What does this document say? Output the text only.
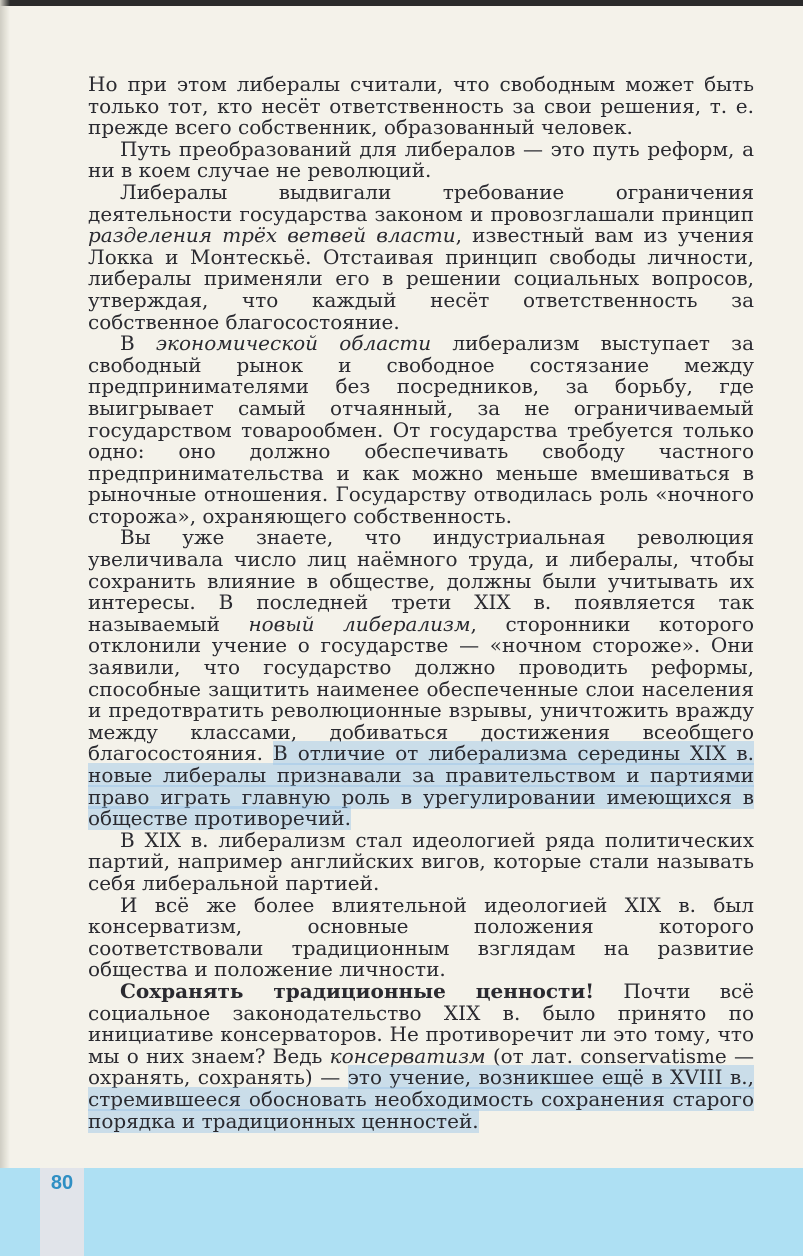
Но при этом либералы считали, что свободным может быть только тот, кто несёт ответственность за свои решения, т. е. прежде всего собственник, образованный человек.

Путь преобразований для либералов — это путь реформ, а ни в коем случае не революций.

Либералы выдвигали требование ограничения деятельности государства законом и провозглашали принцип разделения трёх ветвей власти, известный вам из учения Локка и Монтескьё. Отстаивая принцип свободы личности, либералы применяли его в решении социальных вопросов, утверждая, что каждый несёт ответственность за собственное благосостояние.

В экономической области либерализм выступает за свободный рынок и свободное состязание между предпринимателями без посредников, за борьбу, где выигрывает самый отчаянный, за не ограничиваемый государством товарообмен. От государства требуется только одно: оно должно обеспечивать свободу частного предпринимательства и как можно меньше вмешиваться в рыночные отношения. Государству отводилась роль «ночного сторожа», охраняющего собственность.

Вы уже знаете, что индустриальная революция увеличивала число лиц наёмного труда, и либералы, чтобы сохранить влияние в обществе, должны были учитывать их интересы. В последней трети XIX в. появляется так называемый новый либерализм, сторонники которого отклонили учение о государстве — «ночном стороже». Они заявили, что государство должно проводить реформы, способные защитить наименее обеспеченные слои населения и предотвратить революционные взрывы, уничтожить вражду между классами, добиваться достижения всеобщего благосостояния. В отличие от либерализма середины XIX в. новые либералы признавали за правительством и партиями право играть главную роль в урегулировании имеющихся в обществе противоречий.

В XIX в. либерализм стал идеологией ряда политических партий, например английских вигов, которые стали называть себя либеральной партией.

И всё же более влиятельной идеологией XIX в. был консерватизм, основные положения которого соответствовали традиционным взглядам на развитие общества и положение личности.

Сохранять традиционные ценности! Почти всё социальное законодательство XIX в. было принято по инициативе консерваторов. Не противоречит ли это тому, что мы о них знаем? Ведь консерватизм (от лат. conservatisme — охранять, сохранять) — это учение, возникшее ещё в XVIII в., стремившееся обосновать необходимость сохранения старого порядка и традиционных ценностей.

80
